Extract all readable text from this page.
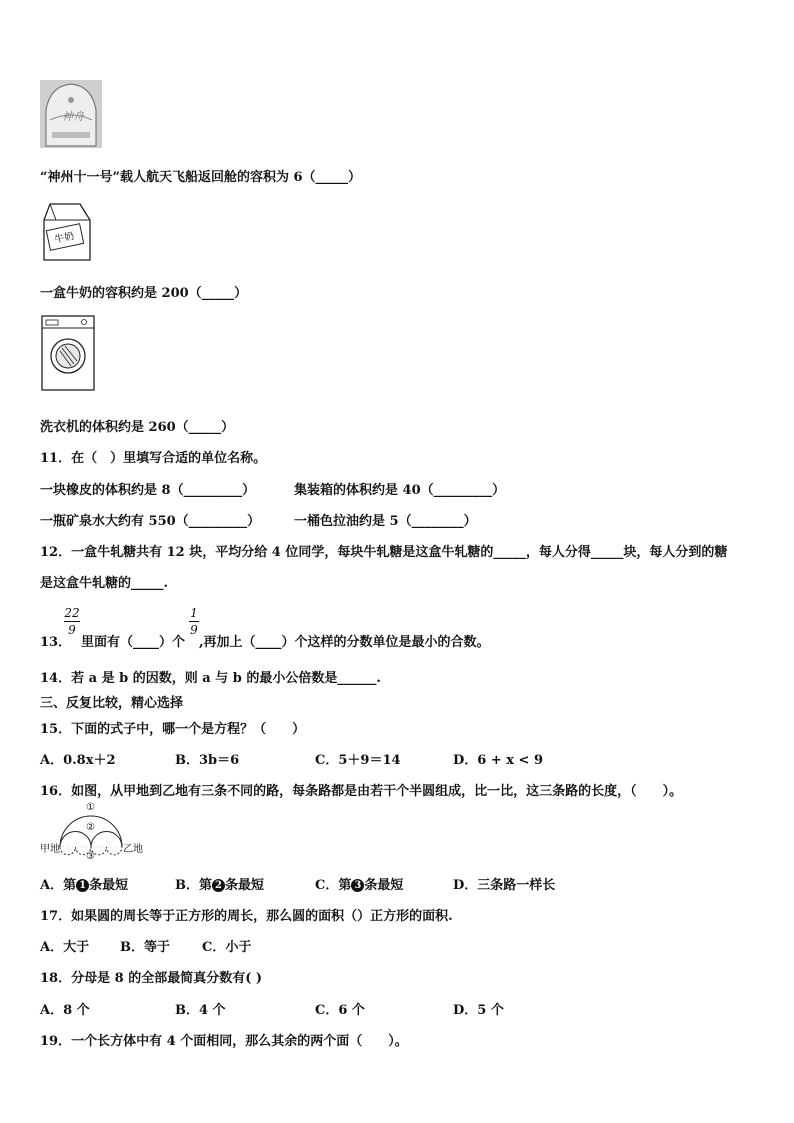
神舟
“神州十一号”载人航天飞船返回舱的容积为 6（_____）
牛奶
一盒牛奶的容积约是 200（_____）
洗衣机的体积约是 260（_____）
11．在（　）里填写合适的单位名称。
一块橡皮的体积约是 8（_________）	集装箱的体积约是 40（_________）
一瓶矿泉水大约有 550（_________）	一桶色拉油约是 5（________）
12．一盒牛轧糖共有 12 块，平均分给 4 位同学，每块牛轧糖是这盒牛轧糖的_____，每人分得_____块，每人分到的糖
是这盒牛轧糖的_____.
13．
22
9
里面有（____）个
1
9
,再加上（____）个这样的分数单位是最小的合数。
14．若 a 是 b 的因数，则 a 与 b 的最小公倍数是______.
三、反复比较，精心选择
15．下面的式子中，哪一个是方程？（　　）
A．0.8x＋2	B．3b＝6	C．5＋9＝14	D．6 + x < 9
16．如图，从甲地到乙地有三条不同的路，每条路都是由若干个半圆组成，比一比，这三条路的长度，（　　）。
甲地	乙地
①
②
③
A．第 1 条最短	B．第 2 条最短	C．第 3 条最短	D．三条路一样长
17．如果圆的周长等于正方形的周长，那么圆的面积（）正方形的面积.
A．大于 B．等于 C．小于
18．分母是 8 的全部最简真分数有( )
A．8 个	B．4 个	C．6 个	D．5 个
19．一个长方体中有 4 个面相同，那么其余的两个面（　　）。
